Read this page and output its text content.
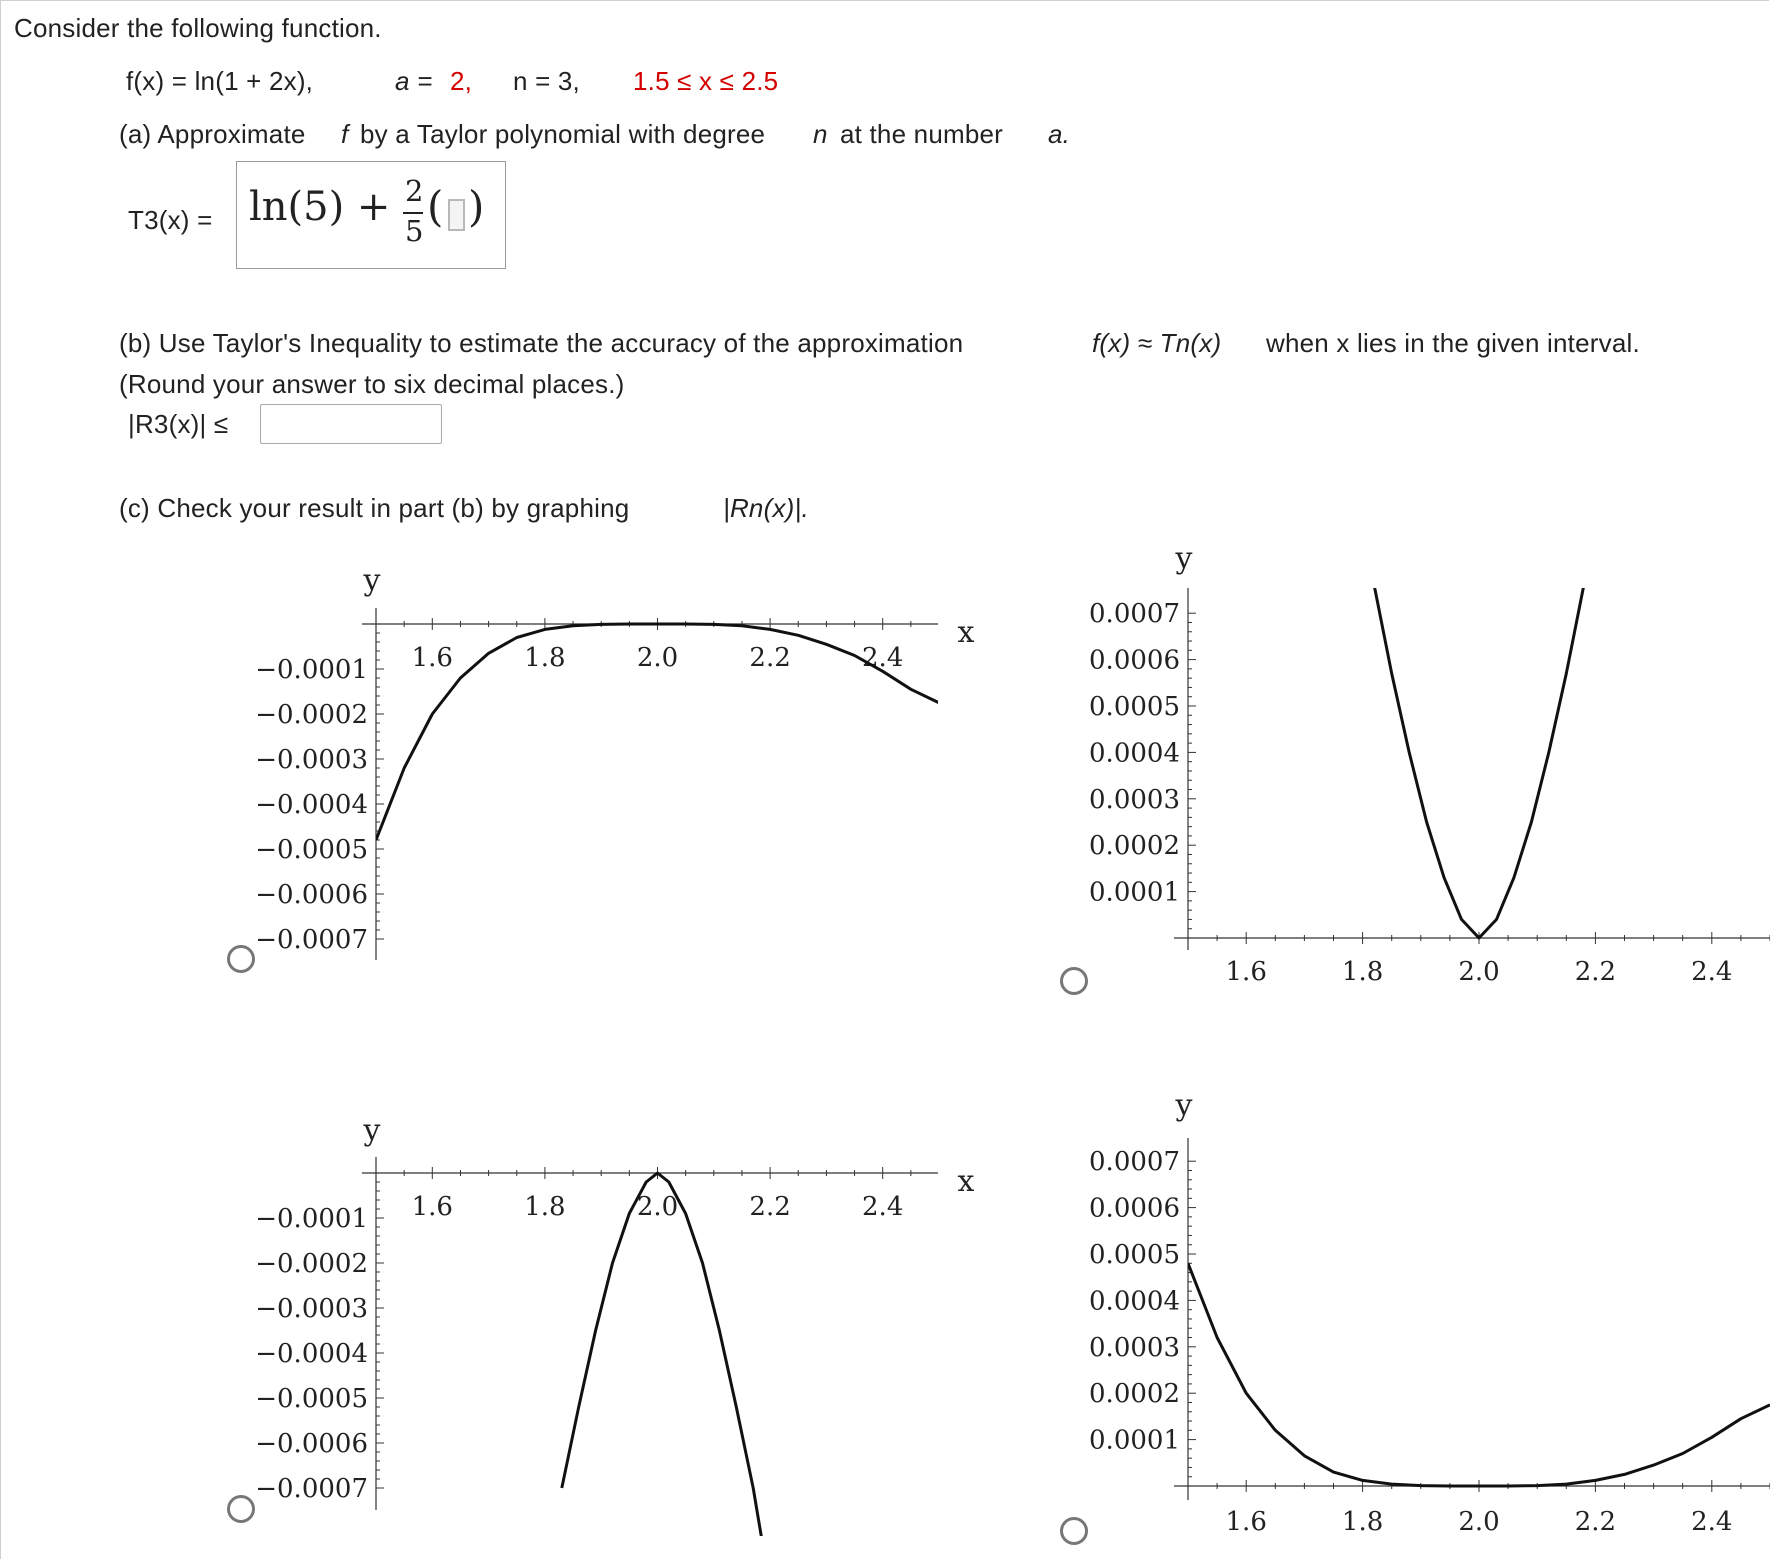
Consider the following function.
f(x) = ln(1 + 2x),	a = 2, n = 3, 1.5 ≤ x ≤ 2.5
(a) Approximate f by a Taylor polynomial with degree n at the number a.
T3(x) = ln(5) + 2
5 ( )
(b) Use Taylor's Inequality to estimate the accuracy of the approximation	f(x) ≈ Tn(x) when x lies in the given interval.
(Round your answer to six decimal places.)
|R3(x)| ≤
(c) Check your result in part (b) by graphing	|Rn(x)|.
1.6	1.8	2.0	2.2	2.4
−0.0001
−0.0002
−0.0003
−0.0004
−0.0005
−0.0006
−0.0007
y
x
1.6	1.8	2.0	2.2	2.4
0.0007
0.0006
0.0005
0.0004
0.0003
0.0002
0.0001
y
1.6	1.8	2.0	2.2	2.4
−0.0001
−0.0002
−0.0003
−0.0004
−0.0005
−0.0006
−0.0007
y
x
1.6	1.8	2.0	2.2	2.4
0.0007
0.0006
0.0005
0.0004
0.0003
0.0002
0.0001
y
